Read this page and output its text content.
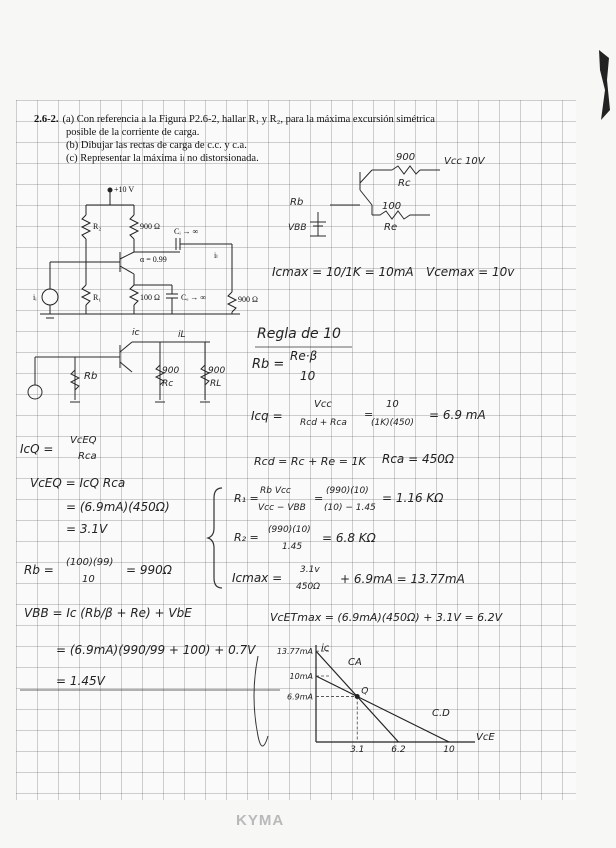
2.6-2. (a) Con referencia a la Figura P2.6-2, hallar R₁ y R₂, para la máxima excursión simétrica
posible de la corriente de carga.
(b) Dibujar las rectas de carga de c.c. y c.a.
(c) Representar la máxima iₗ no distorsionada.
+10 V
R₂	900 Ω
Cᵢ → ∞
α = 0.99	iₗ
R₁	100 Ω	Cₑ → ∞	900 Ω
iᵢ
ic
VcE
13.77mA
10mA
6.9mA
3.1	6.2	10
CA
C.D
Q
900	Vcc 10V
Rc
Rb
VBB
100
Re
Icmax = 10/1K = 10mA Vcemax = 10v
Regla de 10
Rb =
Re·β
10
Icq =
Vcc
Rcd + Rca
=
10
(1K)(450)
= 6.9 mA
Rcd = Rc + Re = 1K Rca = 450Ω
IcQ =
VcEQ
Rca
VcEQ = IcQ Rca
= (6.9mA)(450Ω)
= 3.1V
R₁ =
Rb Vcc
Vcc − VBB
=
(990)(10)
(10) − 1.45
= 1.16 KΩ
R₂ =
(990)(10)
1.45
= 6.8 KΩ
Rb =
(100)(99)
10
= 990Ω
VBB = Ic (Rb/β + Re) + VbE
= (6.9mA)(990/99 + 100) + 0.7V
= 1.45V
Icmax =
3.1v
450Ω
+ 6.9mA = 13.77mA
VcETmax = (6.9mA)(450Ω) + 3.1V = 6.2V
Rb	900
Rc
900
RL
ic	iL
KYMA
